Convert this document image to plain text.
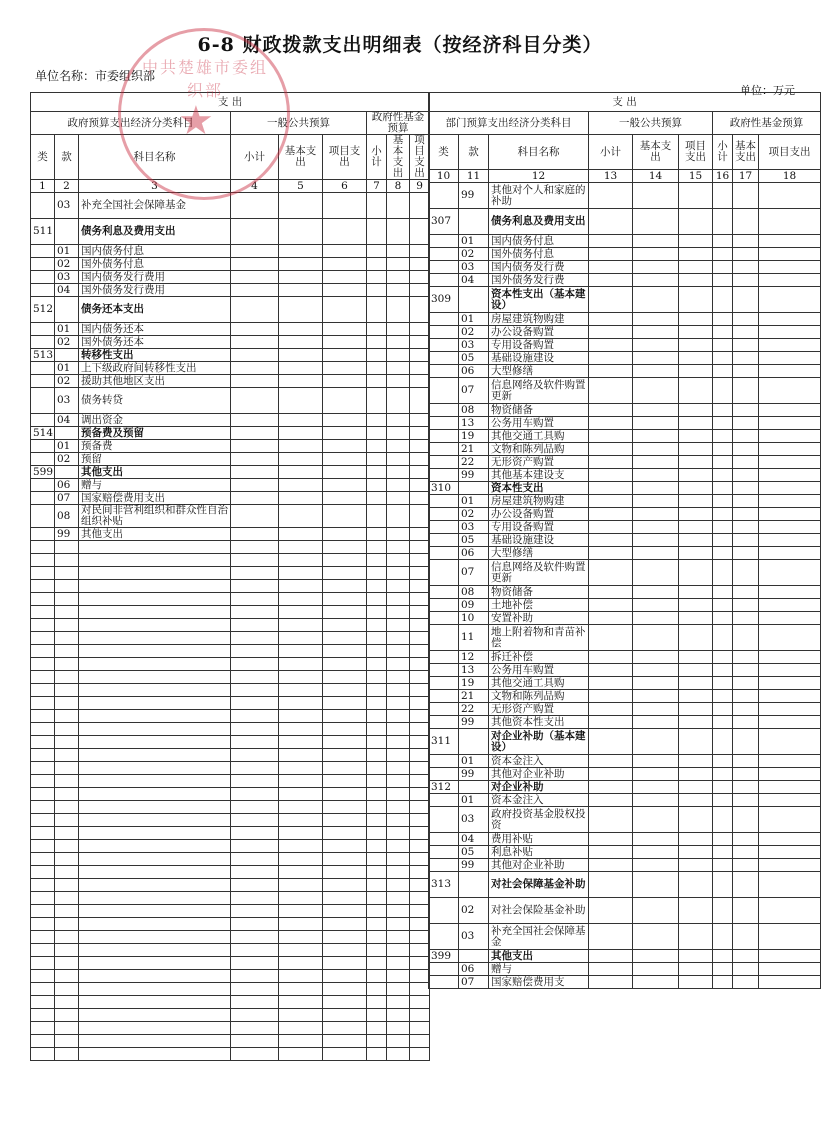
6-8 财政拨款支出明细表（按经济科目分类）
单位名称：市委组织部
单位：万元
支 出								
政府预算支出经济分类科目			一般公共预算			政府性基金预算		
类	款	科目名称	小计	基本支出	项目支出	小计	基本支出	项目支出
1	2	3	4	5	6	7	8	9
	03	补充全国社会保障基金						
511		债务利息及费用支出						
	01	国内债务付息						
	02	国外债务付息						
	03	国内债务发行费用						
	04	国外债务发行费用						
512		债务还本支出						
	01	国内债务还本						
	02	国外债务还本						
513		转移性支出						
	01	上下级政府间转移性支出						
	02	援助其他地区支出						
	03	债务转贷						
	04	调出资金						
514		预备费及预留						
	01	预备费						
	02	预留						
599		其他支出						
	06	赠与						
	07	国家赔偿费用支出						
	08	对民间非营利组织和群众性自治组织补贴						
	99	其他支出						

支 出								
部门预算支出经济分类科目			一般公共预算			政府性基金预算		
类	款	科目名称	小计	基本支出	项目支出	小计	基本支出	项目支出
10	11	12	13	14	15	16	17	18
	99	其他对个人和家庭的补助						
307		债务利息及费用支出						
	01	国内债务付息						
	02	国外债务付息						
	03	国内债务发行费						
	04	国外债务发行费						
309		资本性支出（基本建设）						
	01	房屋建筑物购建						
	02	办公设备购置						
	03	专用设备购置						
	05	基础设施建设						
	06	大型修缮						
	07	信息网络及软件购置更新						
	08	物资储备						
	13	公务用车购置						
	19	其他交通工具购						
	21	文物和陈列品购						
	22	无形资产购置						
	99	其他基本建设支						
310		资本性支出						
	01	房屋建筑物购建						
	02	办公设备购置						
	03	专用设备购置						
	05	基础设施建设						
	06	大型修缮						
	07	信息网络及软件购置更新						
	08	物资储备						
	09	土地补偿						
	10	安置补助						
	11	地上附着物和青苗补偿						
	12	拆迁补偿						
	13	公务用车购置						
	19	其他交通工具购						
	21	文物和陈列品购						
	22	无形资产购置						
	99	其他资本性支出						
311		对企业补助（基本建设）						
	01	资本金注入						
	99	其他对企业补助						
312		对企业补助						
	01	资本金注入						
	03	政府投资基金股权投资						
	04	费用补贴						
	05	利息补贴						
	99	其他对企业补助						
313		对社会保障基金补助						
	02	对社会保险基金补助						
	03	补充全国社会保障基金						
399		其他支出						
	06	赠与						
	07	国家赔偿费用支						
中共楚雄市委组织部
★
